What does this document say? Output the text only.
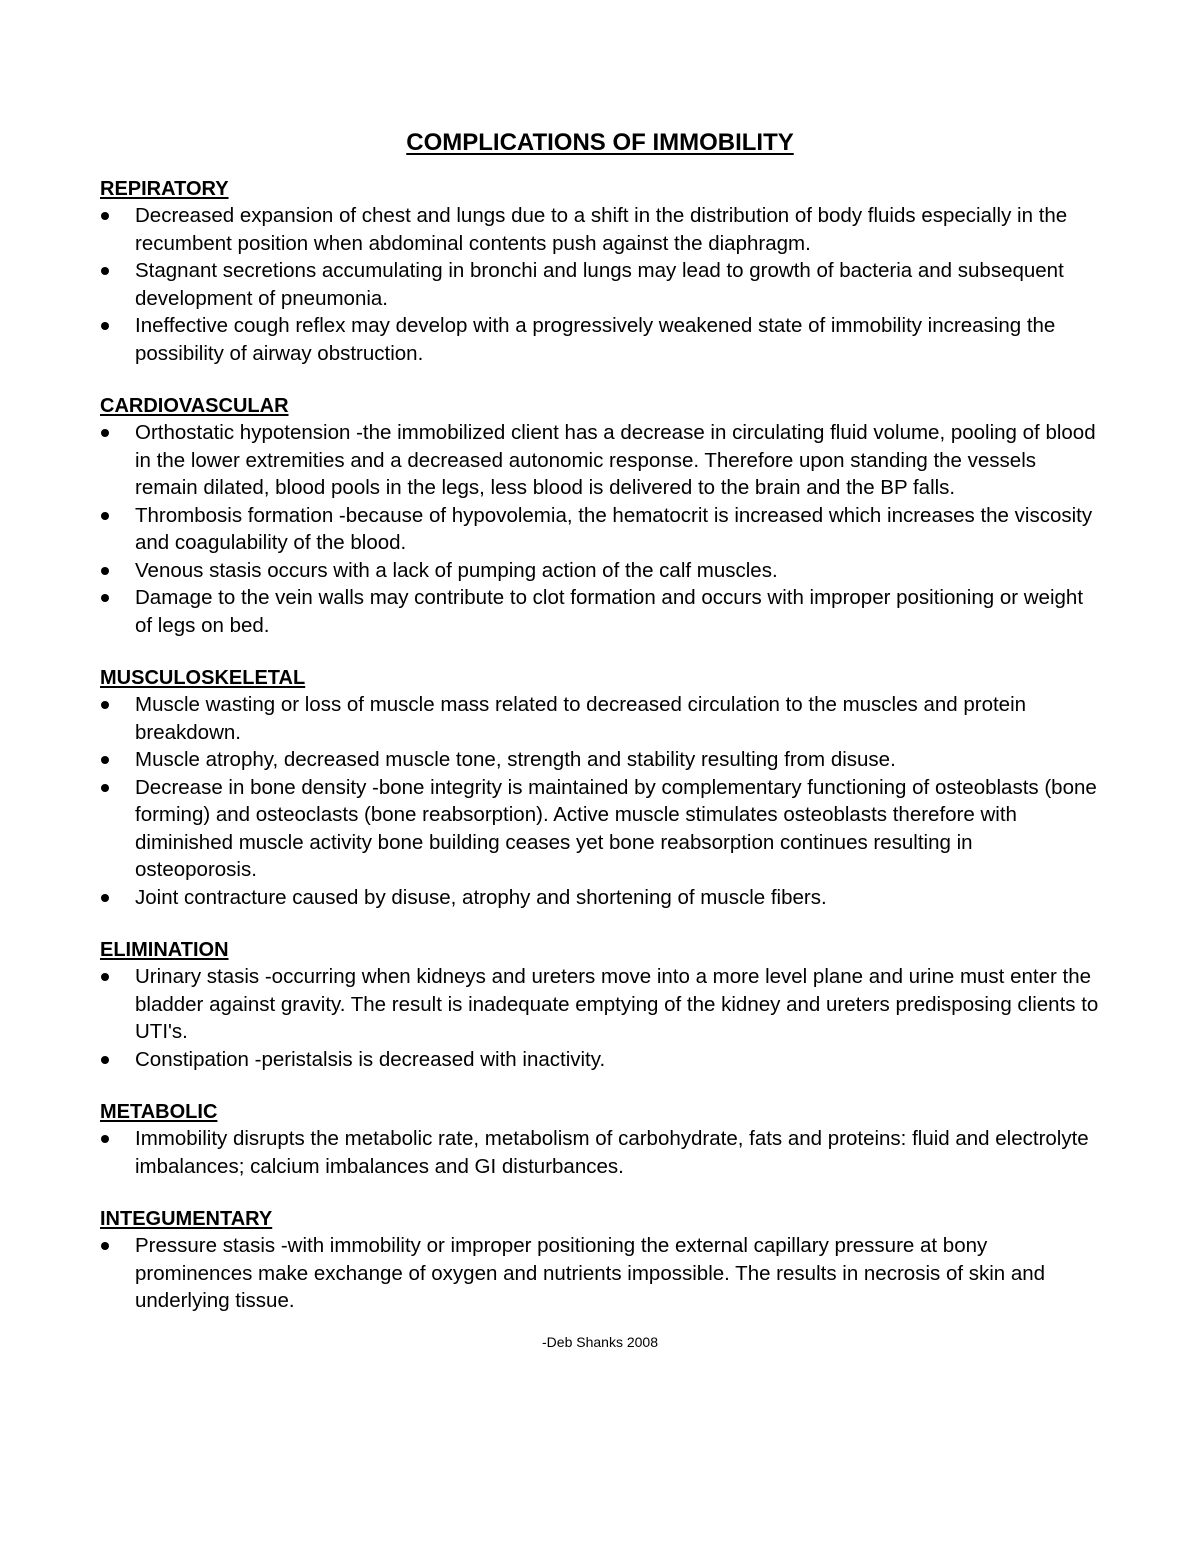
COMPLICATIONS OF IMMOBILITY
REPIRATORY
Decreased expansion of chest and lungs due to a shift in the distribution of body fluids especially in the recumbent position when abdominal contents push against the diaphragm.
Stagnant secretions accumulating in bronchi and lungs may lead to growth of bacteria and subsequent development of pneumonia.
Ineffective cough reflex may develop with a progressively weakened state of immobility increasing the possibility of airway obstruction.
CARDIOVASCULAR
Orthostatic hypotension -the immobilized client has a decrease in circulating fluid volume, pooling of blood in the lower extremities and a decreased autonomic response. Therefore upon standing the vessels remain dilated, blood pools in the legs, less blood is delivered to the brain and the BP falls.
Thrombosis formation -because of hypovolemia, the hematocrit is increased which increases the viscosity and coagulability of the blood.
Venous stasis occurs with a lack of pumping action of the calf muscles.
Damage to the vein walls may contribute to clot formation and occurs with improper positioning or weight of legs on bed.
MUSCULOSKELETAL
Muscle wasting or loss of muscle mass related to decreased circulation to the muscles and protein breakdown.
Muscle atrophy, decreased muscle tone, strength and stability resulting from disuse.
Decrease in bone density -bone integrity is maintained by complementary functioning of osteoblasts (bone forming) and osteoclasts (bone reabsorption). Active muscle stimulates osteoblasts therefore with diminished muscle activity bone building ceases yet bone reabsorption continues resulting in osteoporosis.
Joint contracture caused by disuse, atrophy and shortening of muscle fibers.
ELIMINATION
Urinary stasis -occurring when kidneys and ureters move into a more level plane and urine must enter the bladder against gravity. The result is inadequate emptying of the kidney and ureters predisposing clients to UTI's.
Constipation -peristalsis is decreased with inactivity.
METABOLIC
Immobility disrupts the metabolic rate, metabolism of carbohydrate, fats and proteins: fluid and electrolyte imbalances; calcium imbalances and GI disturbances.
INTEGUMENTARY
Pressure stasis -with immobility or improper positioning the external capillary pressure at bony prominences make exchange of oxygen and nutrients impossible. The results in necrosis of skin and underlying tissue.
-Deb Shanks 2008
